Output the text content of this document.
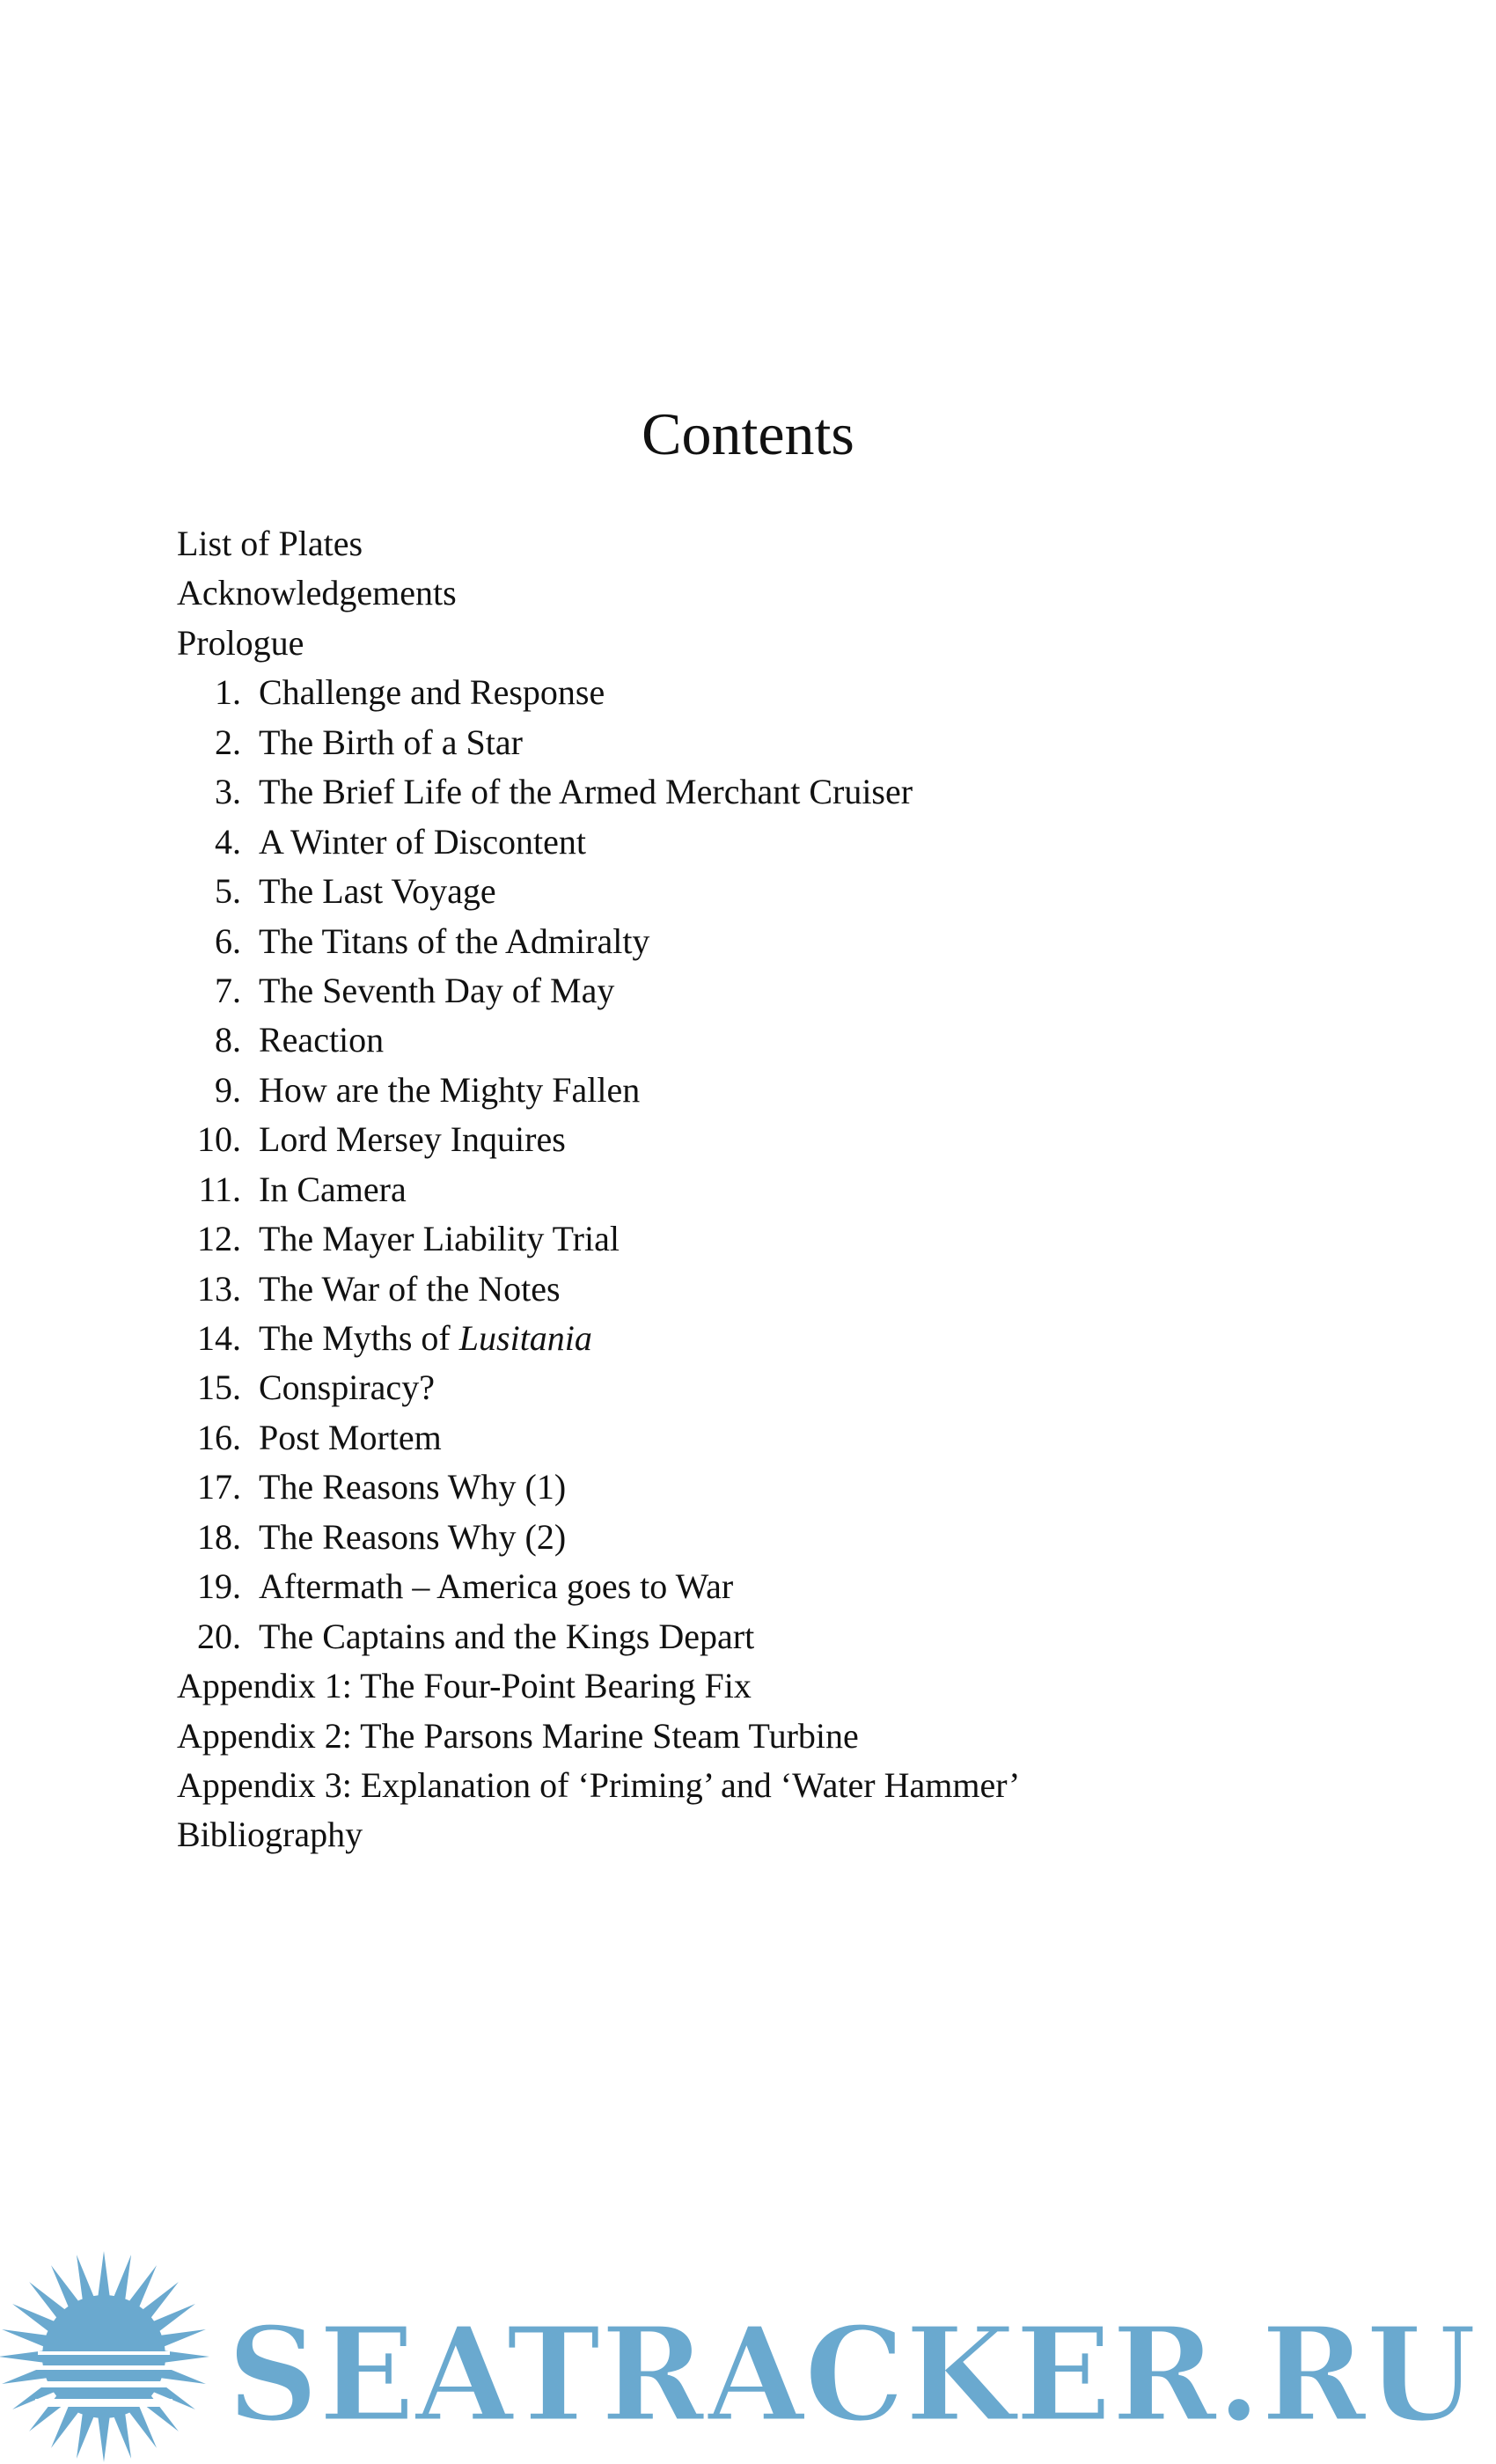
Contents
List of Plates
Acknowledgements
Prologue
1. Challenge and Response
2. The Birth of a Star
3. The Brief Life of the Armed Merchant Cruiser
4. A Winter of Discontent
5. The Last Voyage
6. The Titans of the Admiralty
7. The Seventh Day of May
8. Reaction
9. How are the Mighty Fallen
10. Lord Mersey Inquires
11. In Camera
12. The Mayer Liability Trial
13. The War of the Notes
14. The Myths of Lusitania
15. Conspiracy?
16. Post Mortem
17. The Reasons Why (1)
18. The Reasons Why (2)
19. Aftermath – America goes to War
20. The Captains and the Kings Depart
Appendix 1: The Four-Point Bearing Fix
Appendix 2: The Parsons Marine Steam Turbine
Appendix 3: Explanation of ‘Priming’ and ‘Water Hammer’
Bibliography
SEATRACKER.RU
